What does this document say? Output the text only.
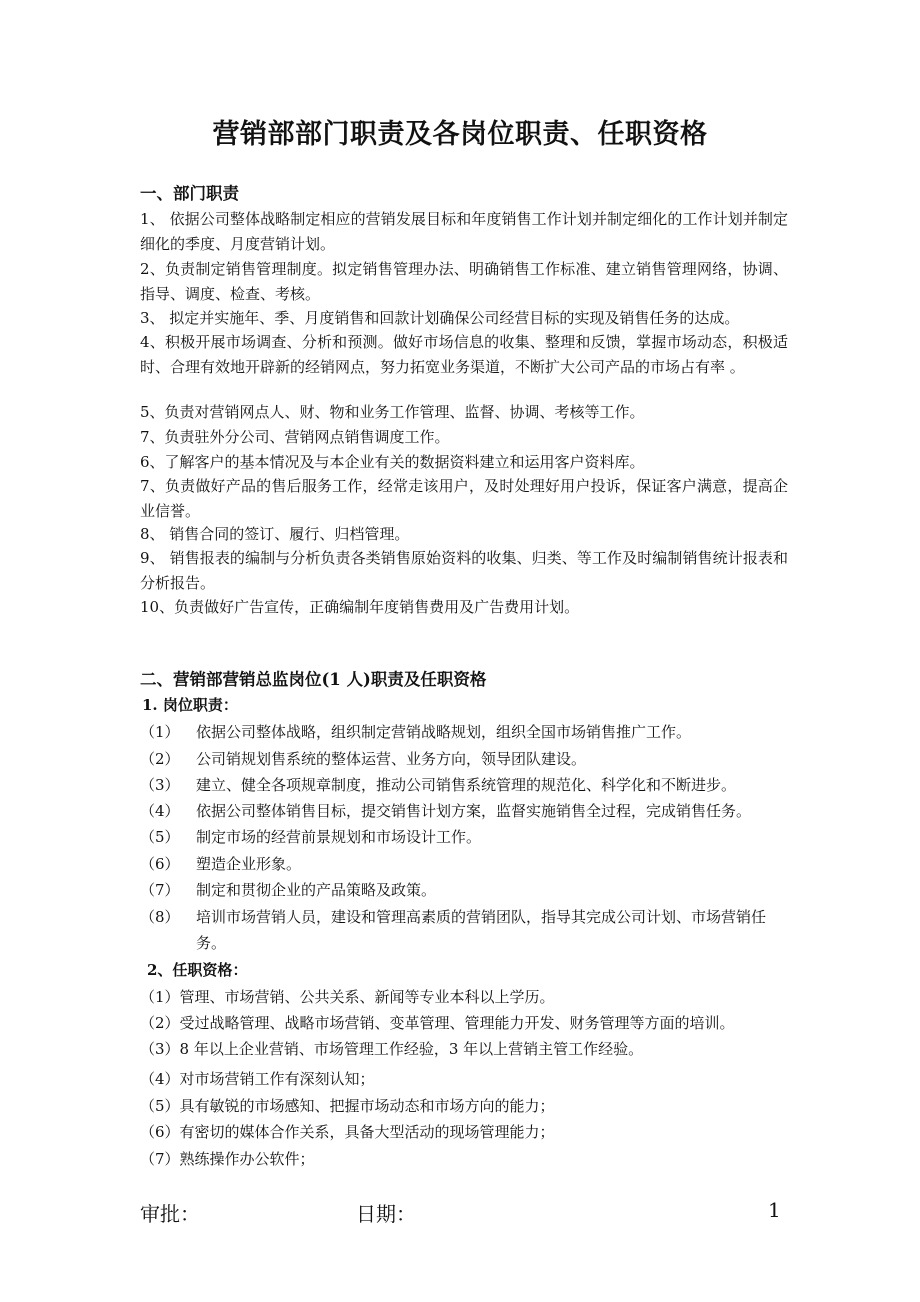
营销部部门职责及各岗位职责、任职资格
一、部门职责
1、 依据公司整体战略制定相应的营销发展目标和年度销售工作计划并制定细化的工作计划并制定细化的季度、月度营销计划。
2、负责制定销售管理制度。拟定销售管理办法、明确销售工作标准、建立销售管理网络，协调、指导、调度、检查、考核。
3、 拟定并实施年、季、月度销售和回款计划确保公司经营目标的实现及销售任务的达成。
4、积极开展市场调查、分析和预测。做好市场信息的收集、整理和反馈，掌握市场动态，积极适时、合理有效地开辟新的经销网点，努力拓宽业务渠道，不断扩大公司产品的市场占有率 。
5、负责对营销网点人、财、物和业务工作管理、监督、协调、考核等工作。
7、负责驻外分公司、营销网点销售调度工作。
6、了解客户的基本情况及与本企业有关的数据资料建立和运用客户资料库。
7、负责做好产品的售后服务工作，经常走该用户，及时处理好用户投诉，保证客户满意，提高企业信誉。
8、 销售合同的签订、履行、归档管理。
9、 销售报表的编制与分析负责各类销售原始资料的收集、归类、等工作及时编制销售统计报表和分析报告。
10、负责做好广告宣传，正确编制年度销售费用及广告费用计划。
二、营销部营销总监岗位(1 人)职责及任职资格
1. 岗位职责：
（1） 依据公司整体战略，组织制定营销战略规划，组织全国市场销售推广工作。
（2） 公司销规划售系统的整体运营、业务方向，领导团队建设。
（3） 建立、健全各项规章制度，推动公司销售系统管理的规范化、科学化和不断进步。
（4） 依据公司整体销售目标，提交销售计划方案，监督实施销售全过程，完成销售任务。
（5） 制定市场的经营前景规划和市场设计工作。
（6） 塑造企业形象。
（7） 制定和贯彻企业的产品策略及政策。
（8） 培训市场营销人员，建设和管理高素质的营销团队，指导其完成公司计划、市场营销任务。
2、任职资格：
（1）管理、市场营销、公共关系、新闻等专业本科以上学历。
（2）受过战略管理、战略市场营销、变革管理、管理能力开发、财务管理等方面的培训。
（3）8 年以上企业营销、市场管理工作经验，3 年以上营销主管工作经验。
（4）对市场营销工作有深刻认知；
（5）具有敏锐的市场感知、把握市场动态和市场方向的能力；
（6）有密切的媒体合作关系，具备大型活动的现场管理能力；
（7）熟练操作办公软件；
审批：	日期：	1
